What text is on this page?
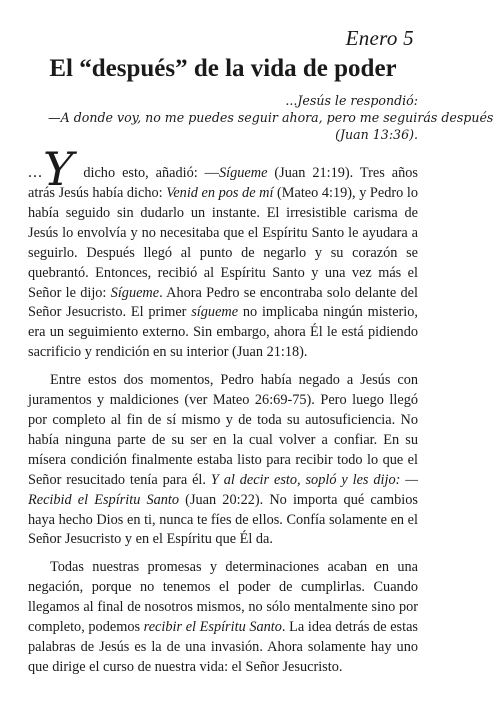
Enero 5
El “después” de la vida de poder
...Jesús le respondió:
—A donde voy, no me puedes seguir ahora, pero me seguirás después
(Juan 13:36).

...Y dicho esto, añadió: —Sígueme (Juan 21:19). Tres años atrás Jesús había dicho: Venid en pos de mí (Mateo 4:19), y Pedro lo había seguido sin dudarlo un instante. El irresistible carisma de Jesús lo envolvía y no necesitaba que el Espíritu Santo le ayudara a seguirlo. Después llegó al punto de negarlo y su corazón se quebrantó. Entonces, recibió al Espíritu Santo y una vez más el Señor le dijo: Sígueme. Ahora Pedro se encontraba solo delante del Señor Jesucristo. El primer sígueme no implicaba ningún misterio, era un seguimiento externo. Sin embargo, ahora Él le está pidiendo sacrificio y rendición en su interior (Juan 21:18).

Entre estos dos momentos, Pedro había negado a Jesús con juramentos y maldiciones (ver Mateo 26:69-75). Pero luego llegó por completo al fin de sí mismo y de toda su autosuficiencia. No había ninguna parte de su ser en la cual volver a confiar. En su mísera condición finalmente estaba listo para recibir todo lo que el Señor resucitado tenía para él. Y al decir esto, sopló y les dijo: —Recibid el Espíritu Santo (Juan 20:22). No importa qué cambios haya hecho Dios en ti, nunca te fíes de ellos. Confía solamente en el Señor Jesucristo y en el Espíritu que Él da.

Todas nuestras promesas y determinaciones acaban en una negación, porque no tenemos el poder de cumplirlas. Cuando llegamos al final de nosotros mismos, no sólo mentalmente sino por completo, podemos recibir el Espíritu Santo. La idea detrás de estas palabras de Jesús es la de una invasión. Ahora solamente hay uno que dirige el curso de nuestra vida: el Señor Jesucristo.
